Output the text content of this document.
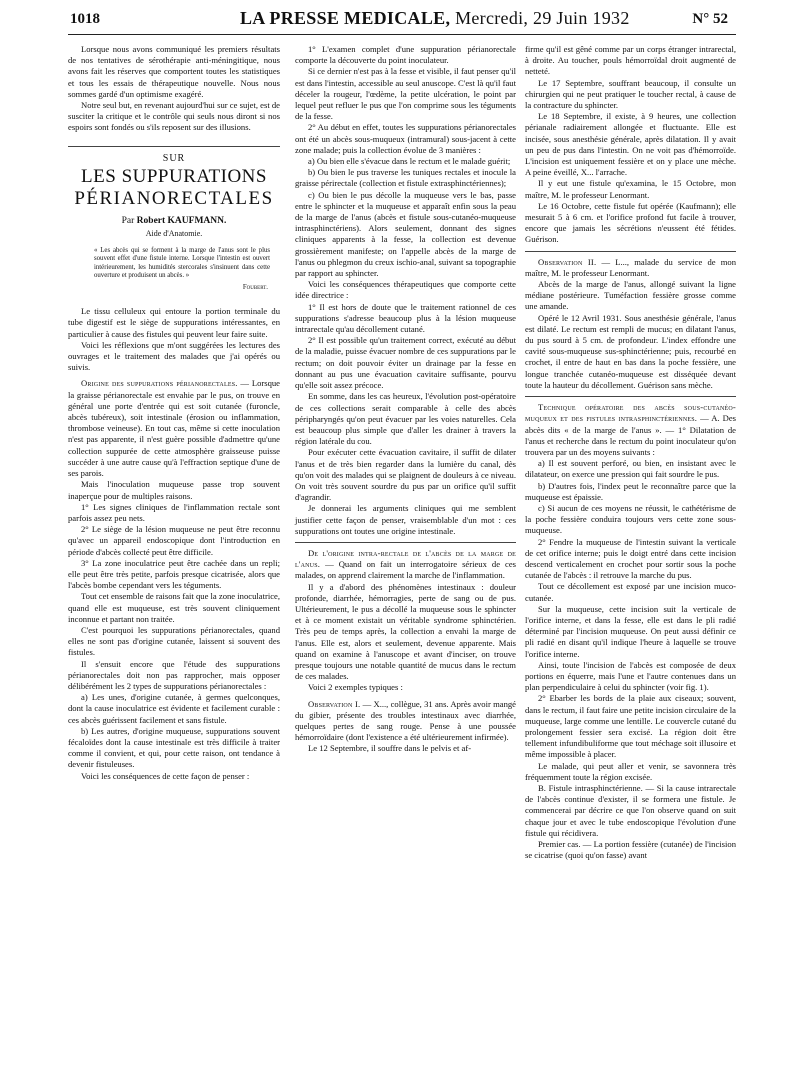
1018	LA PRESSE MEDICALE, Mercredi, 29 Juin 1932	N° 52

Lorsque nous avons communiqué les premiers résultats de nos tentatives de sérothérapie anti-méningitique, nous avons fait les réserves que comportent toutes les statistiques et tous les essais de thérapeutique nouvelle. Nous nous sommes gardé d'un optimisme exagéré.

Notre seul but, en revenant aujourd'hui sur ce sujet, est de susciter la critique et le contrôle qui seuls nous diront si nos espoirs sont fondés ou s'ils reposent sur des illusions.

SUR
LES SUPPURATIONS
PÉRIANORECTALES
Par Robert KAUFMANN.
Aide d'Anatomie.
« Les abcès qui se forment à la marge de l'anus sont le plus souvent effet d'une fistule interne. Lorsque l'intestin est ouvert intérieurement, les humidités stercorales s'insinuent dans cette ouverture et produisent un abcès. »
Foubert.

Le tissu celluleux qui entoure la portion terminale du tube digestif est le siège de suppurations intéressantes, en particulier à cause des fistules qui peuvent leur faire suite.

Voici les réflexions que m'ont suggérées les lectures des ouvrages et le traitement des malades que j'ai opérés ou suivis.

Origine des suppurations périanorectales. — Lorsque la graisse périanorectale est envahie par le pus, on trouve en général une porte d'entrée qui est soit cutanée (furoncle, abcès tubéreux), soit intestinale (érosion ou inflammation, thrombose veineuse). En tout cas, même si cette inoculation n'est pas apparente, il n'est guère possible d'admettre qu'une collection suppurée de cette atmosphère graisseuse puisse succéder à une autre cause qu'à l'effraction septique d'une de ses parois.

Mais l'inoculation muqueuse passe trop souvent inaperçue pour de multiples raisons.

1° Les signes cliniques de l'inflammation rectale sont parfois assez peu nets.

2° Le siège de la lésion muqueuse ne peut être reconnu qu'avec un appareil endoscopique dont l'introduction en période d'abcès collecté peut être difficile.

3° La zone inoculatrice peut être cachée dans un repli; elle peut être très petite, parfois presque cicatrisée, alors que l'abcès bombe cependant vers les téguments.

Tout cet ensemble de raisons fait que la zone inoculatrice, quand elle est muqueuse, est très souvent cliniquement inconnue et partant non traitée.

C'est pourquoi les suppurations périanorectales, quand elles ne sont pas d'origine cutanée, laissent si souvent des fistules.

Il s'ensuit encore que l'étude des suppurations périanorectales doit non pas rapprocher, mais opposer délibérément les 2 types de suppurations périanorectales :

a) Les unes, d'origine cutanée, à germes quelconques, dont la cause inoculatrice est évidente et facilement curable : ces abcès guérissent facilement et sans fistule.

b) Les autres, d'origine muqueuse, suppurations souvent fécaloïdes dont la cause intestinale est très difficile à traiter comme il convient, et qui, pour cette raison, ont tendance à devenir fistuleuses.

Voici les conséquences de cette façon de penser :

1° L'examen complet d'une suppuration périanorectale comporte la découverte du point inoculateur.

Si ce dernier n'est pas à la fesse et visible, il faut penser qu'il est dans l'intestin, accessible au seul anuscope. C'est là qu'il faut déceler la rougeur, l'œdème, la petite ulcération, le point par lequel peut refluer le pus que l'on comprime sous les téguments de la fesse.

2° Au début en effet, toutes les suppurations périanorectales ont été un abcès sous-muqueux (intramural) sous-jacent à cette zone malade; puis la collection évolue de 3 manières :

a) Ou bien elle s'évacue dans le rectum et le malade guérit;

b) Ou bien le pus traverse les tuniques rectales et inocule la graisse périrectale (collection et fistule extrasphinctériennes);

c) Ou bien le pus décolle la muqueuse vers le bas, passe entre le sphincter et la muqueuse et apparaît enfin sous la peau de la marge de l'anus (abcès et fistule sous-cutanéo-muqueuse intrasphinctériens). Alors seulement, donnant des signes cliniques apparents à la fesse, la collection est devenue grossièrement manifeste; on l'appelle abcès de la marge de l'anus ou phlegmon du creux ischio-anal, suivant sa topographie par rapport au sphincter.

Voici les conséquences thérapeutiques que comporte cette idée directrice :

1° Il est hors de doute que le traitement rationnel de ces suppurations s'adresse beaucoup plus à la lésion muqueuse intrarectale qu'au décollement cutané.

2° Il est possible qu'un traitement correct, exécuté au début de la maladie, puisse évacuer nombre de ces suppurations par le rectum; on doit pouvoir éviter un drainage par la fesse en donnant au pus une évacuation cavitaire suffisante, pourvu qu'elle soit assez précoce.

En somme, dans les cas heureux, l'évolution post-opératoire de ces collections serait comparable à celle des abcès péripharyngés qu'on peut évacuer par les voies naturelles. Cela est beaucoup plus simple que d'aller les drainer à travers la région latérale du cou.

Pour exécuter cette évacuation cavitaire, il suffit de dilater l'anus et de très bien regarder dans la lumière du canal, dès qu'on voit des malades qui se plaignent de douleurs à ce niveau. On voit très souvent sourdre du pus par un orifice qu'il suffit d'agrandir.

Je donnerai les arguments cliniques qui me semblent justifier cette façon de penser, vraisemblable d'un mot : ces suppurations ont toutes une origine intestinale.

De l'origine intra-rectale de l'abcès de la marge de l'anus. — Quand on fait un interrogatoire sérieux de ces malades, on apprend clairement la marche de l'inflammation.

Il y a d'abord des phénomènes intestinaux : douleur profonde, diarrhée, hémorragies, perte de sang ou de pus. Ultérieurement, le pus a décollé la muqueuse sous le sphincter et à ce moment existait un véritable syndrome sphinctérien. Très peu de temps après, la collection a envahi la marge de l'anus. Elle est, alors et seulement, devenue apparente. Mais quand on examine à l'anuscope et avant d'inciser, on trouve presque toujours une notable quantité de mucus dans le rectum de ces malades.

Voici 2 exemples typiques :

Observation I. — X..., collègue, 31 ans. Après avoir mangé du gibier, présente des troubles intestinaux avec diarrhée, quelques pertes de sang rouge. Pense à une poussée hémorroïdaire (dont l'existence a été ultérieurement infirmée).

Le 12 Septembre, il souffre dans le pelvis et af-

firme qu'il est gêné comme par un corps étranger intrarectal, à droite. Au toucher, pouls hémorroïdal droit augmenté de netteté.

Le 17 Septembre, souffrant beaucoup, il consulte un chirurgien qui ne peut pratiquer le toucher rectal, à cause de la contracture du sphincter.

Le 18 Septembre, il existe, à 9 heures, une collection périanale radiairement allongée et fluctuante. Elle est incisée, sous anesthésie générale, après dilatation. Il y avait un peu de pus dans l'intestin. On ne voit pas d'hémorroïde. L'incision est uniquement fessière et on y place une mèche. A peine éveillé, X... l'arrache.

Il y eut une fistule qu'examina, le 15 Octobre, mon maître, M. le professeur Lenormant.

Le 16 Octobre, cette fistule fut opérée (Kaufmann); elle mesurait 5 à 6 cm. et l'orifice profond fut facile à trouver, encore que jamais les sécrétions n'eussent été fétides. Guérison.

Observation II. — L..., malade du service de mon maître, M. le professeur Lenormant.

Abcès de la marge de l'anus, allongé suivant la ligne médiane postérieure. Tuméfaction fessière grosse comme une amande.

Opéré le 12 Avril 1931. Sous anesthésie générale, l'anus est dilaté. Le rectum est rempli de mucus; en dilatant l'anus, du pus sourd à 5 cm. de profondeur. L'index effondre une cavité sous-muqueuse sus-sphinctérienne; puis, recourbé en crochet, il entre de haut en bas dans la poche fessière, une longue tranchée cutanéo-muqueuse est disséquée devant toute la hauteur du décollement. Guérison sans mèche.

Technique opératoire des abcès sous-cutanéo-muqueux et des fistules intrasphinctériennes. — A. Des abcès dits « de la marge de l'anus ». — 1° Dilatation de l'anus et recherche dans le rectum du point inoculateur qu'on trouvera par un des moyens suivants :

a) Il est souvent perforé, ou bien, en insistant avec le dilatateur, on exerce une pression qui fait sourdre le pus.

b) D'autres fois, l'index peut le reconnaître parce que la muqueuse est épaissie.

c) Si aucun de ces moyens ne réussit, le cathétérisme de la poche fessière conduira toujours vers cette zone sous-muqueuse.

2° Fendre la muqueuse de l'intestin suivant la verticale de cet orifice interne; puis le doigt entré dans cette incision descend verticalement en crochet pour sortir sous la poche cutanée de l'abcès : il retrouve la marche du pus.

Tout ce décollement est exposé par une incision muco-cutanée.

Sur la muqueuse, cette incision suit la verticale de l'orifice interne, et dans la fesse, elle est dans le pli radié déterminé par l'incision muqueuse. On peut aussi définir ce pli radié en disant qu'il indique l'heure à laquelle se trouve l'orifice interne.

Ainsi, toute l'incision de l'abcès est composée de deux portions en équerre, mais l'une et l'autre contenues dans un plan perpendiculaire à celui du sphincter (voir fig. 1).

2° Ebarber les bords de la plaie aux ciseaux; souvent, dans le rectum, il faut faire une petite incision circulaire de la muqueuse, large comme une lentille. Le couvercle cutané du prolongement fessier sera excisé. La région doit être tellement infundibuliforme que tout méchage soit illusoire et même impossible à placer.

Le malade, qui peut aller et venir, se savonnera très fréquemment toute la région excisée.

B. Fistule intrasphinctérienne. — Si la cause intrarectale de l'abcès continue d'exister, il se formera une fistule. Je commencerai par décrire ce que l'on observe quand on suit chaque jour et avec le tube endoscopique l'évolution d'une fistule qui récidivera.

Premier cas. — La portion fessière (cutanée) de l'incision se cicatrise (quoi qu'on fasse) avant
